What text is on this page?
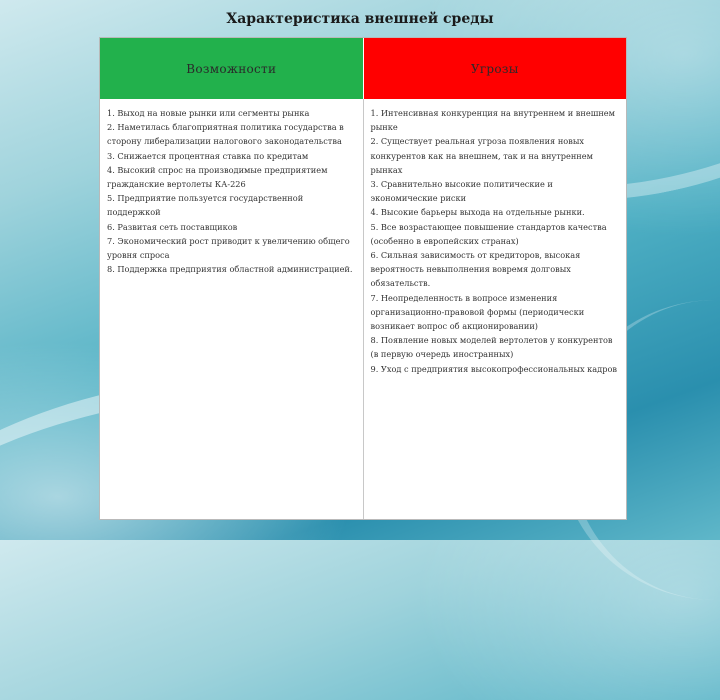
Характеристика внешней среды
Возможности	Угрозы

1. Выход на новые рынки или сегменты рынка

2. Наметилась благоприятная политика государства в сторону либерализации налогового законодательства

3. Снижается процентная ставка по кредитам

4. Высокий спрос на производимые предприятием гражданские вертолеты КА-226

5. Предприятие пользуется государственной поддержкой

6. Развитая сеть поставщиков

7. Экономический рост приводит к увеличению общего уровня спроса

8. Поддержка предприятия областной администрацией.

1. Интенсивная конкуренция на внутреннем и внешнем рынке

2. Существует реальная угроза появления новых конкурентов как на внешнем, так и на внутреннем рынках

3. Сравнительно высокие политические и экономические риски

4. Высокие барьеры выхода на отдельные рынки.

5. Все возрастающее повышение стандартов качества (особенно в европейских странах)

6. Сильная зависимость от кредиторов, высокая вероятность невыполнения вовремя долговых обязательств.

7. Неопределенность в вопросе изменения организационно-правовой формы (периодически возникает вопрос об акционировании)

8. Появление новых моделей вертолетов у конкурентов (в первую очередь иностранных)

9. Уход с предприятия высокопрофессиональных кадров
